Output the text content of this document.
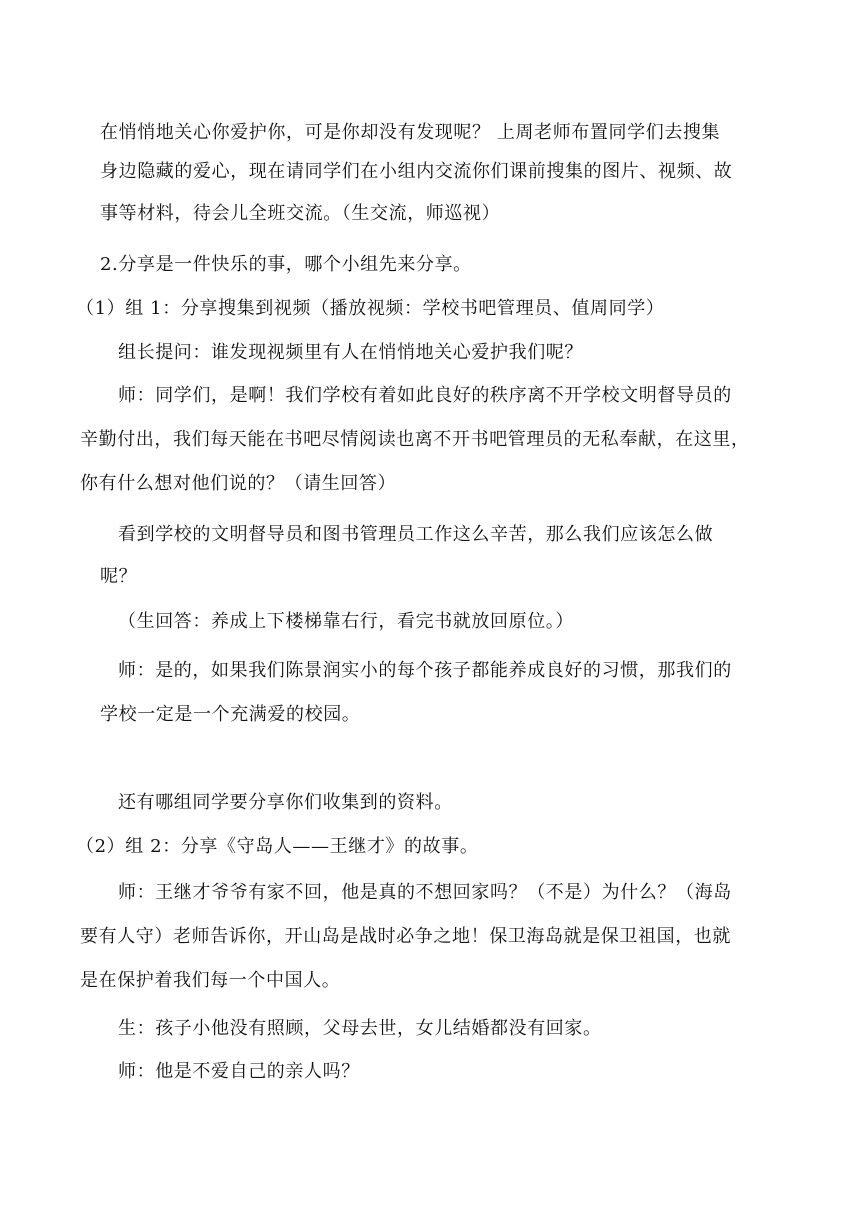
在悄悄地关心你爱护你，可是你却没有发现呢？ 上周老师布置同学们去搜集
身边隐藏的爱心，现在请同学们在小组内交流你们课前搜集的图片、视频、故
事等材料，待会儿全班交流。（生交流，师巡视）
2.分享是一件快乐的事，哪个小组先来分享。
（1）组 1：分享搜集到视频（播放视频：学校书吧管理员、值周同学）
组长提问：谁发现视频里有人在悄悄地关心爱护我们呢？
师：同学们，是啊！我们学校有着如此良好的秩序离不开学校文明督导员的
辛勤付出，我们每天能在书吧尽情阅读也离不开书吧管理员的无私奉献，在这里，
你有什么想对他们说的？（请生回答）
看到学校的文明督导员和图书管理员工作这么辛苦，那么我们应该怎么做
呢？
（生回答：养成上下楼梯靠右行，看完书就放回原位。）
师：是的，如果我们陈景润实小的每个孩子都能养成良好的习惯，那我们的
学校一定是一个充满爱的校园。
还有哪组同学要分享你们收集到的资料。
（2）组 2：分享《守岛人——王继才》的故事。
师：王继才爷爷有家不回，他是真的不想回家吗？（不是）为什么？（海岛
要有人守）老师告诉你，开山岛是战时必争之地！保卫海岛就是保卫祖国，也就
是在保护着我们每一个中国人。
生：孩子小他没有照顾，父母去世，女儿结婚都没有回家。
师：他是不爱自己的亲人吗？
